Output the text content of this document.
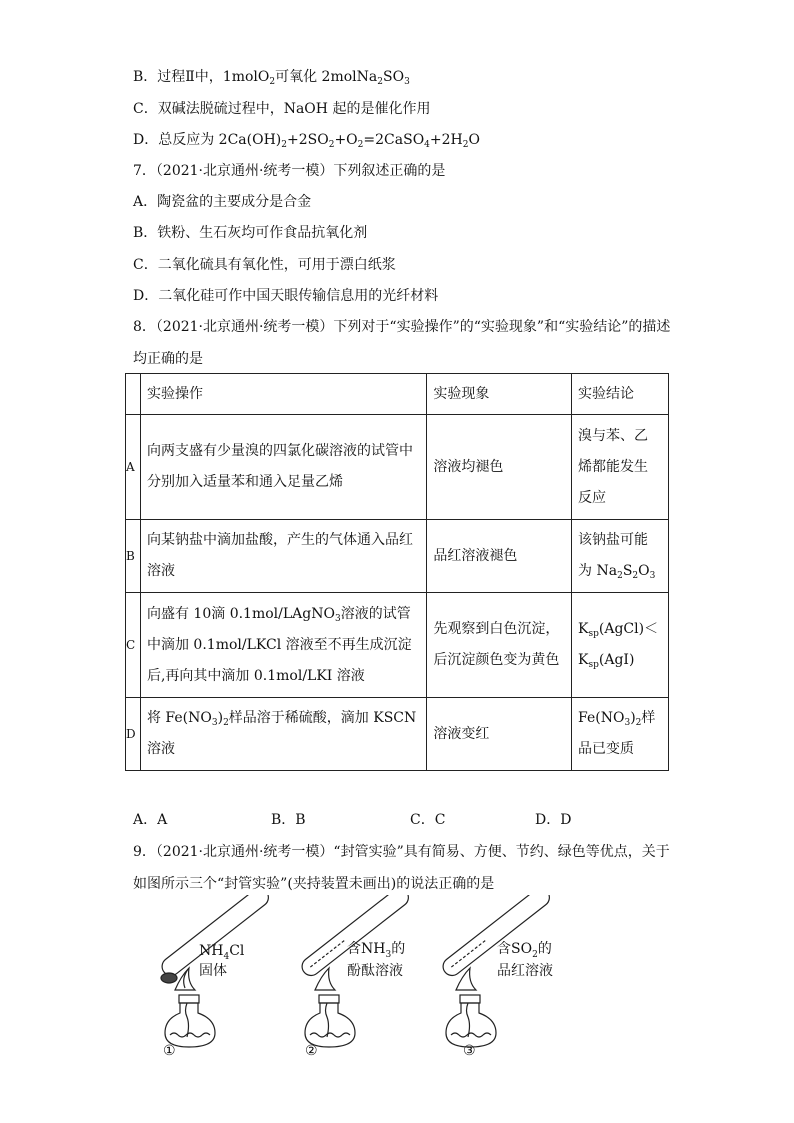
B．过程Ⅱ中，1molO$_2$可氧化 $2molNa_2SO_3$
C．双碱法脱硫过程中，NaOH 起的是催化作用
D．总反应为 $2Ca(OH)_2+2SO_2+O_2=2CaSO_4+2H_2O$
7．（2021·北京通州·统考一模）下列叙述正确的是
A．陶瓷盆的主要成分是合金
B．铁粉、生石灰均可作食品抗氧化剂
C．二氧化硫具有氧化性，可用于漂白纸浆
D．二氧化硅可作中国天眼传输信息用的光纤材料
8．（2021·北京通州·统考一模）下列对于“实验操作”的“实验现象”和“实验结论”的描述
均正确的是
	实验操作	实验现象	实验结论
A	向两支盛有少量溴的四氯化碳溶液的试管中分别加入适量苯和通入足量乙烯	溶液均褪色	溴与苯、乙烯都能发生反应
B	向某钠盐中滴加盐酸，产生的气体通入品红溶液	品红溶液褪色	该钠盐可能为 $Na_2S_2O_3$
C	向盛有 10滴 0.1mol/LAgNO$_3$溶液的试管中滴加 0.1mol/LKCl 溶液至不再生成沉淀后,再向其中滴加 0.1mol/LKI 溶液	先观察到白色沉淀，后沉淀颜色变为黄色	$K_{sp}(AgCl)<K_{sp}(AgI)$
D	将 $Fe(NO_3)_2$样品溶于稀硫酸，滴加 KSCN 溶液	溶液变红	$Fe(NO_3)_2$样品已变质
A．A	B．B	C．C	D．D
9．（2021·北京通州·统考一模）“封管实验”具有简易、方便、节约、绿色等优点，关于
如图所示三个“封管实验”(夹持装置未画出)的说法正确的是
$NH_4Cl$
固体
①
含$NH_3$的
酚酞溶液
②
含$SO_2$的
品红溶液
③
